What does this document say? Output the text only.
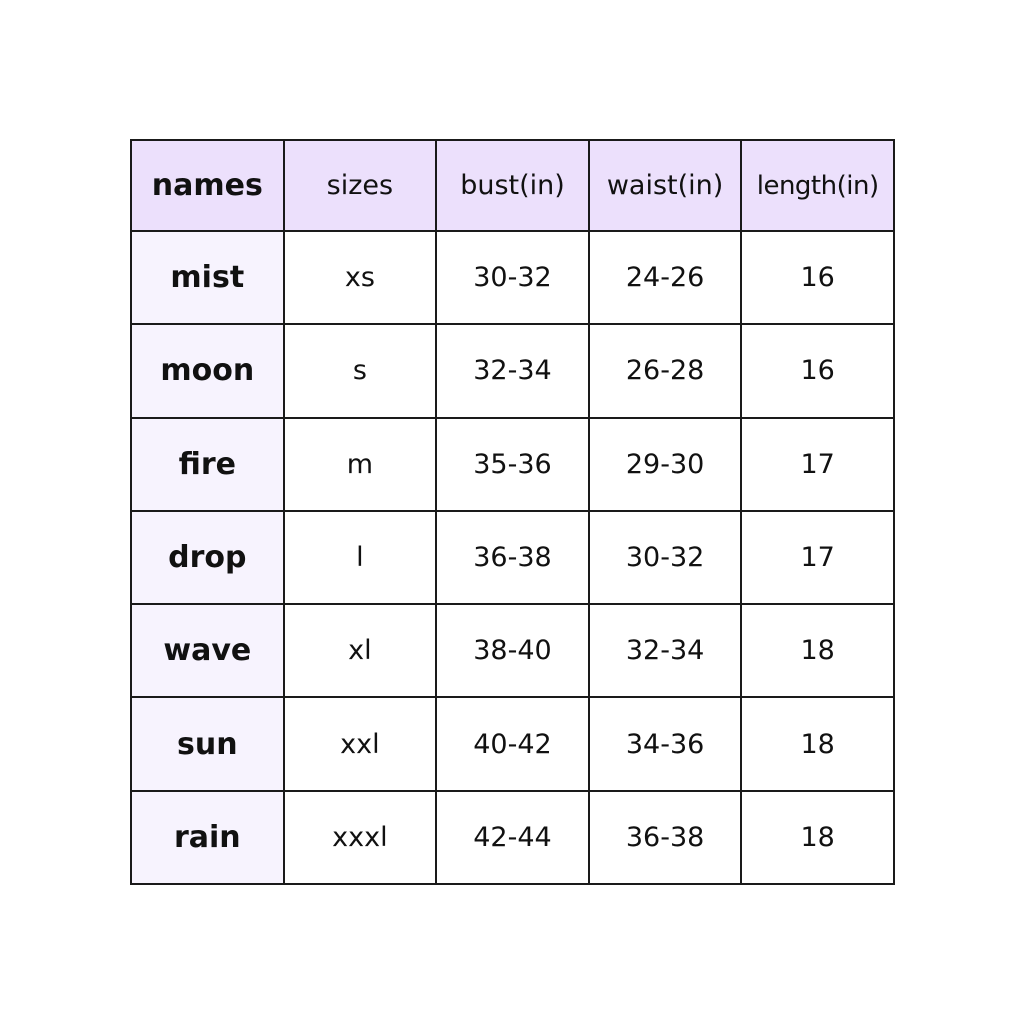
names	sizes	bust(in)	waist(in)	length(in)
mist	xs	30-32	24-26	16
moon	s	32-34	26-28	16
fire	m	35-36	29-30	17
drop	l	36-38	30-32	17
wave	xl	38-40	32-34	18
sun	xxl	40-42	34-36	18
rain	xxxl	42-44	36-38	18
